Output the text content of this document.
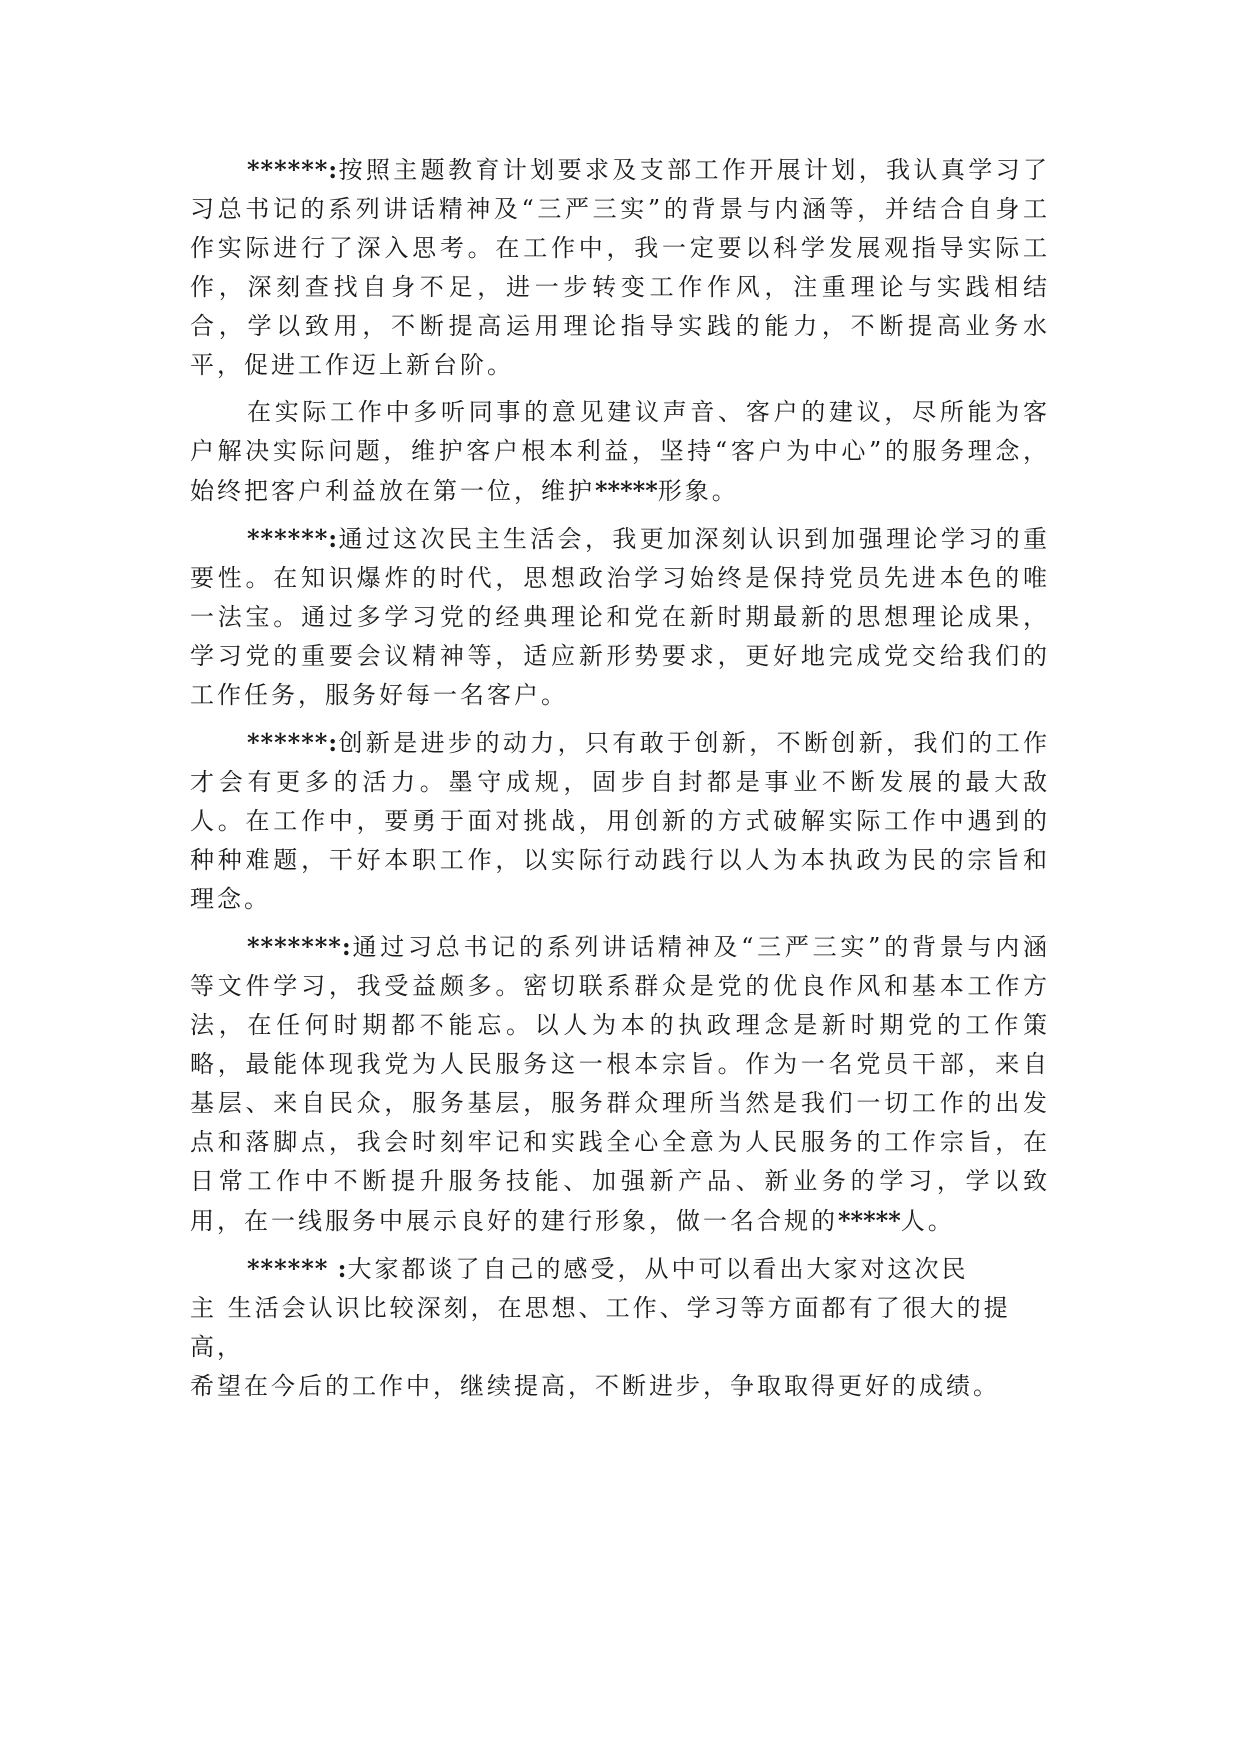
******:按照主题教育计划要求及支部工作开展计划，我认真学习了习总书记的系列讲话精神及“三严三实”的背景与内涵等，并结合自身工作实际进行了深入思考。在工作中，我一定要以科学发展观指导实际工作，深刻查找自身不足，进一步转变工作作风，注重理论与实践相结合，学以致用，不断提高运用理论指导实践的能力，不断提高业务水平，促进工作迈上新台阶。

在实际工作中多听同事的意见建议声音、客户的建议，尽所能为客户解决实际问题，维护客户根本利益，坚持“客户为中心”的服务理念，始终把客户利益放在第一位，维护*****形象。

******:通过这次民主生活会，我更加深刻认识到加强理论学习的重要性。在知识爆炸的时代，思想政治学习始终是保持党员先进本色的唯一法宝。通过多学习党的经典理论和党在新时期最新的思想理论成果，学习党的重要会议精神等，适应新形势要求，更好地完成党交给我们的工作任务，服务好每一名客户。

******:创新是进步的动力，只有敢于创新，不断创新，我们的工作才会有更多的活力。墨守成规，固步自封都是事业不断发展的最大敌人。在工作中，要勇于面对挑战，用创新的方式破解实际工作中遇到的种种难题，干好本职工作，以实际行动践行以人为本执政为民的宗旨和理念。

*******:通过习总书记的系列讲话精神及“三严三实”的背景与内涵等文件学习，我受益颇多。密切联系群众是党的优良作风和基本工作方法，在任何时期都不能忘。以人为本的执政理念是新时期党的工作策略，最能体现我党为人民服务这一根本宗旨。作为一名党员干部，来自基层、来自民众，服务基层，服务群众理所当然是我们一切工作的出发点和落脚点，我会时刻牢记和实践全心全意为人民服务的工作宗旨，在日常工作中不断提升服务技能、加强新产品、新业务的学习，学以致用，在一线服务中展示良好的建行形象，做一名合规的*****人。

****** :大家都谈了自己的感受，从中可以看出大家对这次民
主 生活会认识比较深刻，在思想、工作、学习等方面都有了很大的提
高，
希望在今后的工作中，继续提高，不断进步，争取取得更好的成绩。
